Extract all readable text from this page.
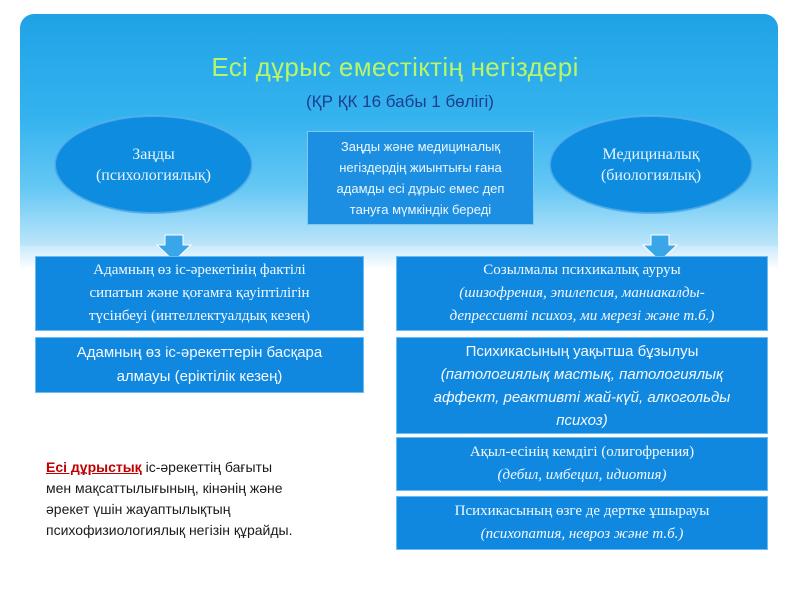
Есі дұрыс еместіктің негіздері
(ҚР ҚК 16 бабы 1 бөлігі)
Заңды
(психологиялық)
Заңды және медициналық
негіздердің жиынтығы ғана
адамды есі дұрыс емес деп
тануға мүмкіндік береді
Медициналық
(биологиялық)
Адамның өз іс-әрекетінің фактілі
сипатын және қоғамға қауіптілігін
түсінбеуі (интеллектуалдық кезең)
Адамның өз іс-әрекеттерін басқара
алмауы (еріктілік кезең)
Созылмалы психикалық ауруы
(шизофрения, эпилепсия, маниакалды-
депрессивті психоз, ми мерезі және т.б.)
Психикасының уақытша бұзылуы
(патологиялық мастық, патологиялық
аффект, реактивті жай-күй, алкогольды
психоз)
Ақыл-есінің кемдігі (олигофрения)
(дебил, имбецил, идиотия)
Психикасының өзге де дертке ұшырауы
(психопатия, невроз және т.б.)
Есі дұрыстық іс-әрекеттің бағыты
мен мақсаттылығының, кінәнің және
әрекет үшін жауаптылықтың
психофизиологиялық негізін құрайды.
